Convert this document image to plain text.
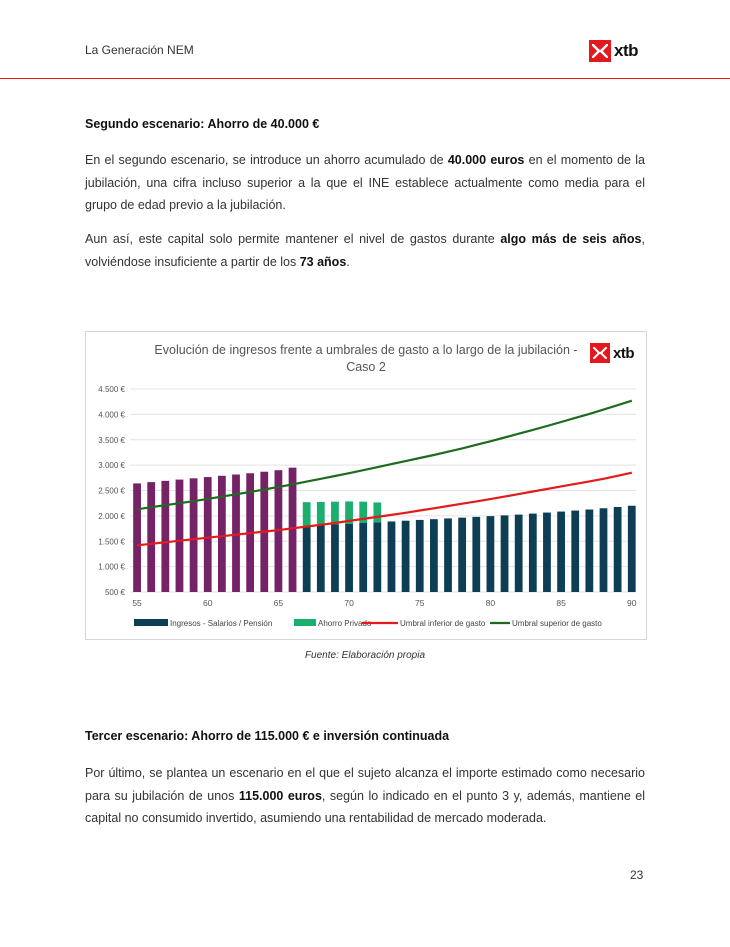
La Generación NEM	xtb
Segundo escenario: Ahorro de 40.000 €

En el segundo escenario, se introduce un ahorro acumulado de 40.000 euros en el momento de la jubilación, una cifra incluso superior a la que el INE establece actualmente como media para el grupo de edad previo a la jubilación.

Aun así, este capital solo permite mantener el nivel de gastos durante algo más de seis años, volviéndose insuficiente a partir de los 73 años.

Evolución de ingresos frente a umbrales de gasto a lo largo de la jubilación - Caso 2
xtb
500 €
1.000 €
1.500 €
2.000 €
2.500 €
3.000 €
3.500 €
4.000 €
4.500 €
55	60	65	70	75	80	85	90
Ingresos - Salarios / Pensión	Ahorro Privado	Umbral inferior de gasto	Umbral superior de gasto
Fuente: Elaboración propia
Tercer escenario: Ahorro de 115.000 € e inversión continuada

Por último, se plantea un escenario en el que el sujeto alcanza el importe estimado como necesario para su jubilación de unos 115.000 euros, según lo indicado en el punto 3 y, además, mantiene el capital no consumido invertido, asumiendo una rentabilidad de mercado moderada.

23
